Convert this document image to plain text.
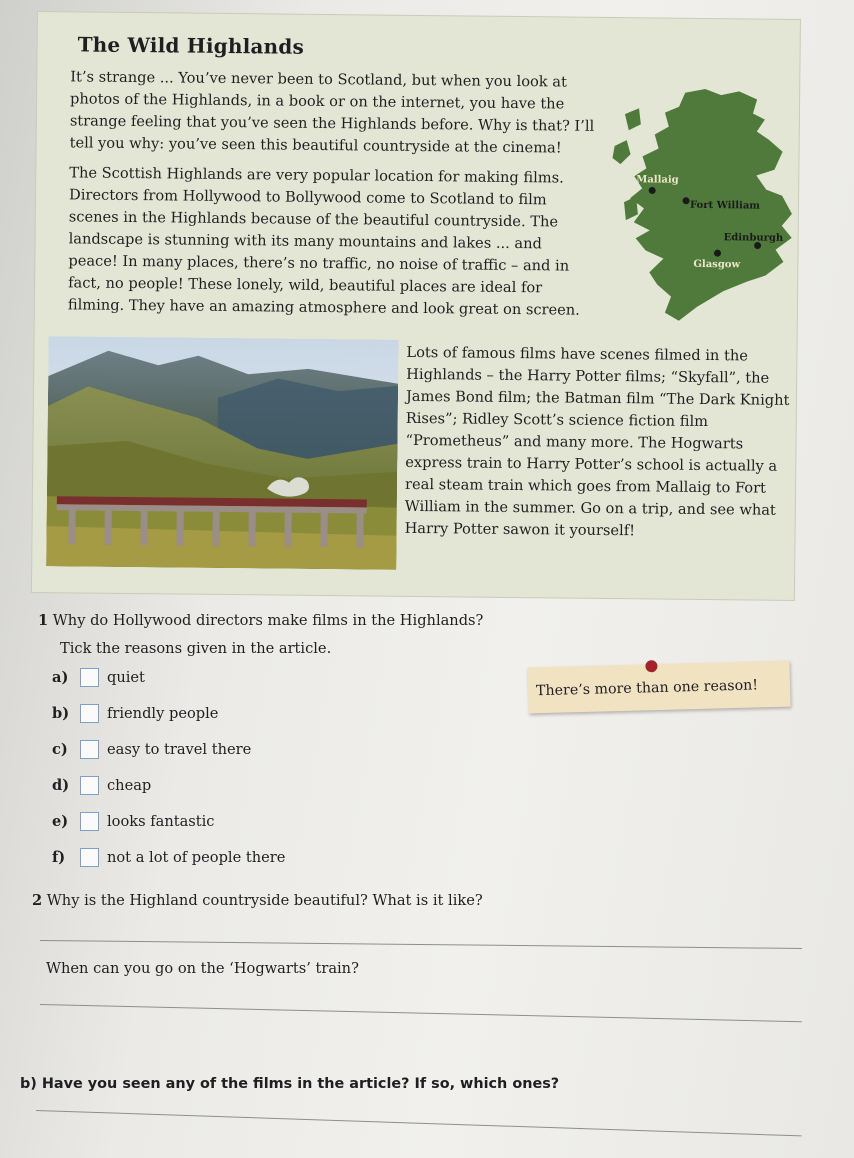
The Wild Highlands

It’s strange ... You’ve never been to Scotland, but when you look at photos of the Highlands, in a book or on the internet, you have the strange feeling that you’ve seen the Highlands before. Why is that? I’ll tell you why: you’ve seen this beautiful countryside at the cinema!

The Scottish Highlands are very popular location for making films. Directors from Hollywood to Bollywood come to Scotland to film scenes in the Highlands because of the beautiful countryside. The landscape is stunning with its many mountains and lakes ... and peace! In many places, there’s no traffic, no noise of traffic – and in fact, no people! These lonely, wild, beautiful places are ideal for filming. They have an amazing atmosphere and look great on screen.

Mallaig
Fort William
Edinburgh
Glasgow

Lots of famous films have scenes filmed in the Highlands – the Harry Potter films; “Skyfall”, the James Bond film; the Batman film “The Dark Knight Rises”; Ridley Scott’s science fiction film “Prometheus” and many more. The Hogwarts express train to Harry Potter’s school is actually a real steam train which goes from Mallaig to Fort William in the summer. Go on a trip, and see what Harry Potter sawon it yourself!

1 Why do Hollywood directors make films in the Highlands?

Tick the reasons given in the article.

a)	quiet
b)	friendly people
c)	easy to travel there
d)	cheap
e)	looks fantastic
f)	not a lot of people there
There’s more than one reason!

2 Why is the Highland countryside beautiful? What is it like?

When can you go on the ‘Hogwarts’ train?

b) Have you seen any of the films in the article? If so, which ones?
